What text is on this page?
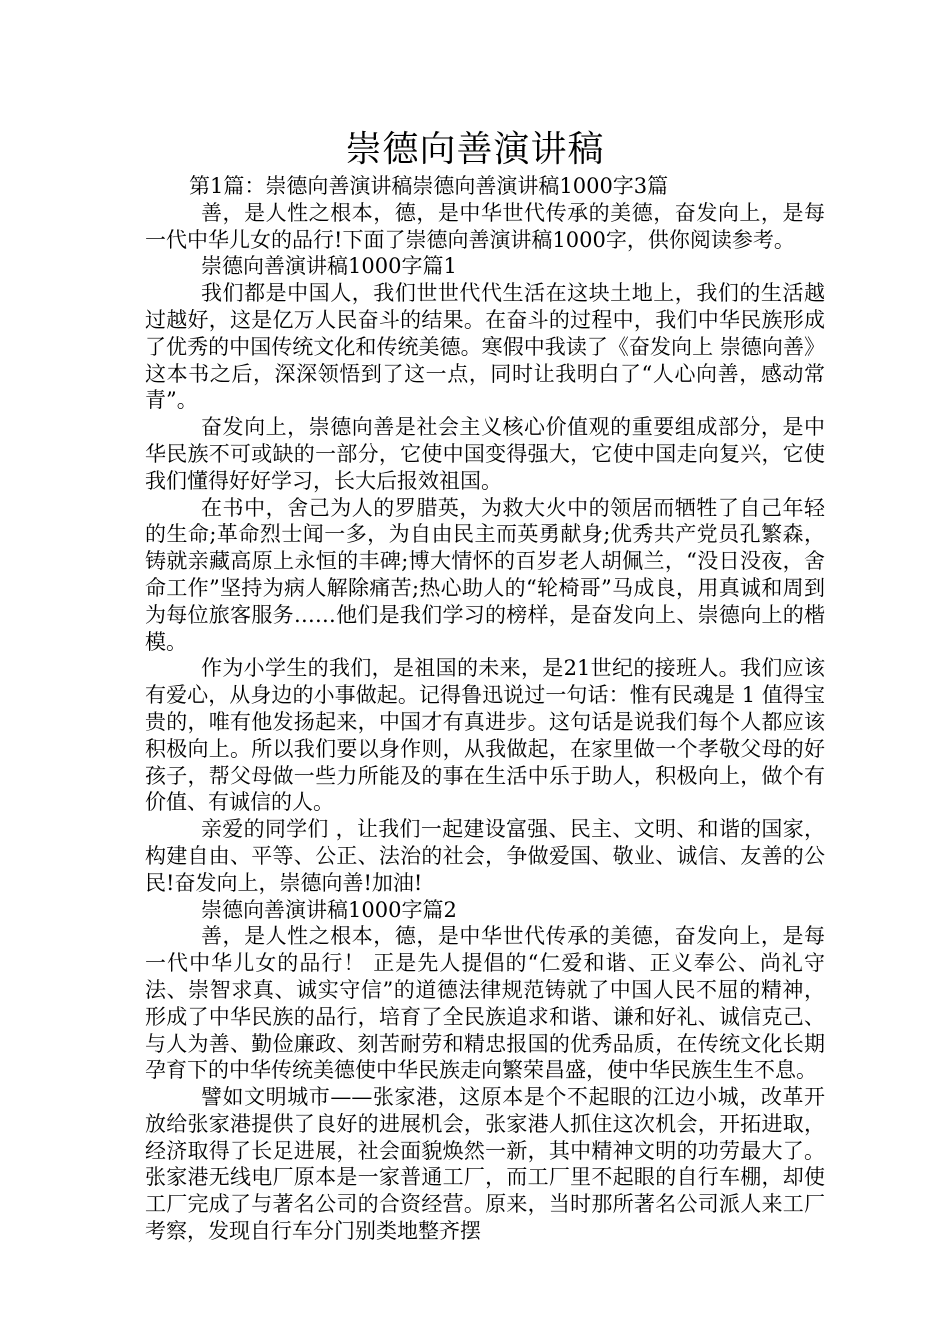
崇德向善演讲稿

第1篇：崇德向善演讲稿崇德向善演讲稿1000字3篇

善，是人性之根本，德，是中华世代传承的美德，奋发向上，是每一代中华儿女的品行!下面了崇德向善演讲稿1000字，供你阅读参考。

崇德向善演讲稿1000字篇1

我们都是中国人，我们世世代代生活在这块土地上，我们的生活越过越好，这是亿万人民奋斗的结果。在奋斗的过程中，我们中华民族形成了优秀的中国传统文化和传统美德。寒假中我读了《奋发向上 崇德向善》这本书之后，深深领悟到了这一点，同时让我明白了“人心向善，感动常青”。

奋发向上，崇德向善是社会主义核心价值观的重要组成部分，是中华民族不可或缺的一部分，它使中国变得强大，它使中国走向复兴，它使我们懂得好好学习，长大后报效祖国。

在书中，舍己为人的罗腊英，为救大火中的领居而牺牲了自己年轻的生命;革命烈士闻一多，为自由民主而英勇献身;优秀共产党员孔繁森，铸就亲藏高原上永恒的丰碑;博大情怀的百岁老人胡佩兰，“没日没夜，舍命工作”坚持为病人解除痛苦;热心助人的“轮椅哥”马成良，用真诚和周到为每位旅客服务……他们是我们学习的榜样，是奋发向上、崇德向上的楷模。

作为小学生的我们，是祖国的未来，是21世纪的接班人。我们应该有爱心，从身边的小事做起。记得鲁迅说过一句话：惟有民魂是 1 值得宝贵的，唯有他发扬起来，中国才有真进步。这句话是说我们每个人都应该积极向上。所以我们要以身作则，从我做起，在家里做一个孝敬父母的好孩子，帮父母做一些力所能及的事在生活中乐于助人，积极向上，做个有价值、有诚信的人。

亲爱的同学们 ，让我们一起建设富强、民主、文明、和谐的国家，构建自由、平等、公正、法治的社会，争做爱国、敬业、诚信、友善的公民!奋发向上，崇德向善!加油!

崇德向善演讲稿1000字篇2

善，是人性之根本，德，是中华世代传承的美德，奋发向上，是每一代中华儿女的品行！ 正是先人提倡的“仁爱和谐、正义奉公、尚礼守法、崇智求真、诚实守信”的道德法律规范铸就了中国人民不屈的精神，形成了中华民族的品行，培育了全民族追求和谐、谦和好礼、诚信克己、与人为善、勤俭廉政、刻苦耐劳和精忠报国的优秀品质，在传统文化长期孕育下的中华传统美德使中华民族走向繁荣昌盛，使中华民族生生不息。

譬如文明城市——张家港，这原本是个不起眼的江边小城，改革开放给张家港提供了良好的进展机会，张家港人抓住这次机会，开拓进取，经济取得了长足进展，社会面貌焕然一新，其中精神文明的功劳最大了。张家港无线电厂原本是一家普通工厂，而工厂里不起眼的自行车棚，却使工厂完成了与著名公司的合资经营。原来，当时那所著名公司派人来工厂考察，发现自行车分门别类地整齐摆
